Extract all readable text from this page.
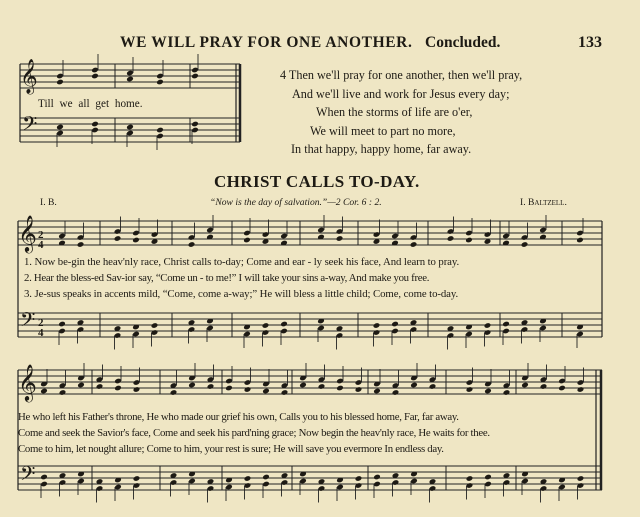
WE WILL PRAY FOR ONE ANOTHER. Concluded.	133
𝄞
𝄢
𝄞
𝄢
𝄞
𝄢
Till we all get home.
4 Then we'll pray for one another, then we'll pray,
And we'll live and work for Jesus every day;
When the storms of life are o'er,
We will meet to part no more,
In that happy, happy home, far away.
CHRIST CALLS TO-DAY.
I. B.	“Now is the day of salvation.”—2 Cor. 6 : 2.	I. Baltzell.
1. Now be-gin the heav'nly race, Christ calls to-day; Come and ear - ly seek his face, And learn to pray.
2. Hear the bless-ed Sav-ior say, “Come un - to me!” I will take your sins a-way, And make you free.
3. Je-sus speaks in accents mild, “Come, come a-way;” He will bless a little child; Come, come to-day.
He who left his Father's throne, He who made our grief his own, Calls you to his blessed home, Far, far away.
Come and seek the Savior's face, Come and seek his pard'ning grace; Now begin the heav'nly race, He waits for thee.
Come to him, let nought allure; Come to him, your rest is sure; He will save you evermore In endless day.
2
4
2
4
